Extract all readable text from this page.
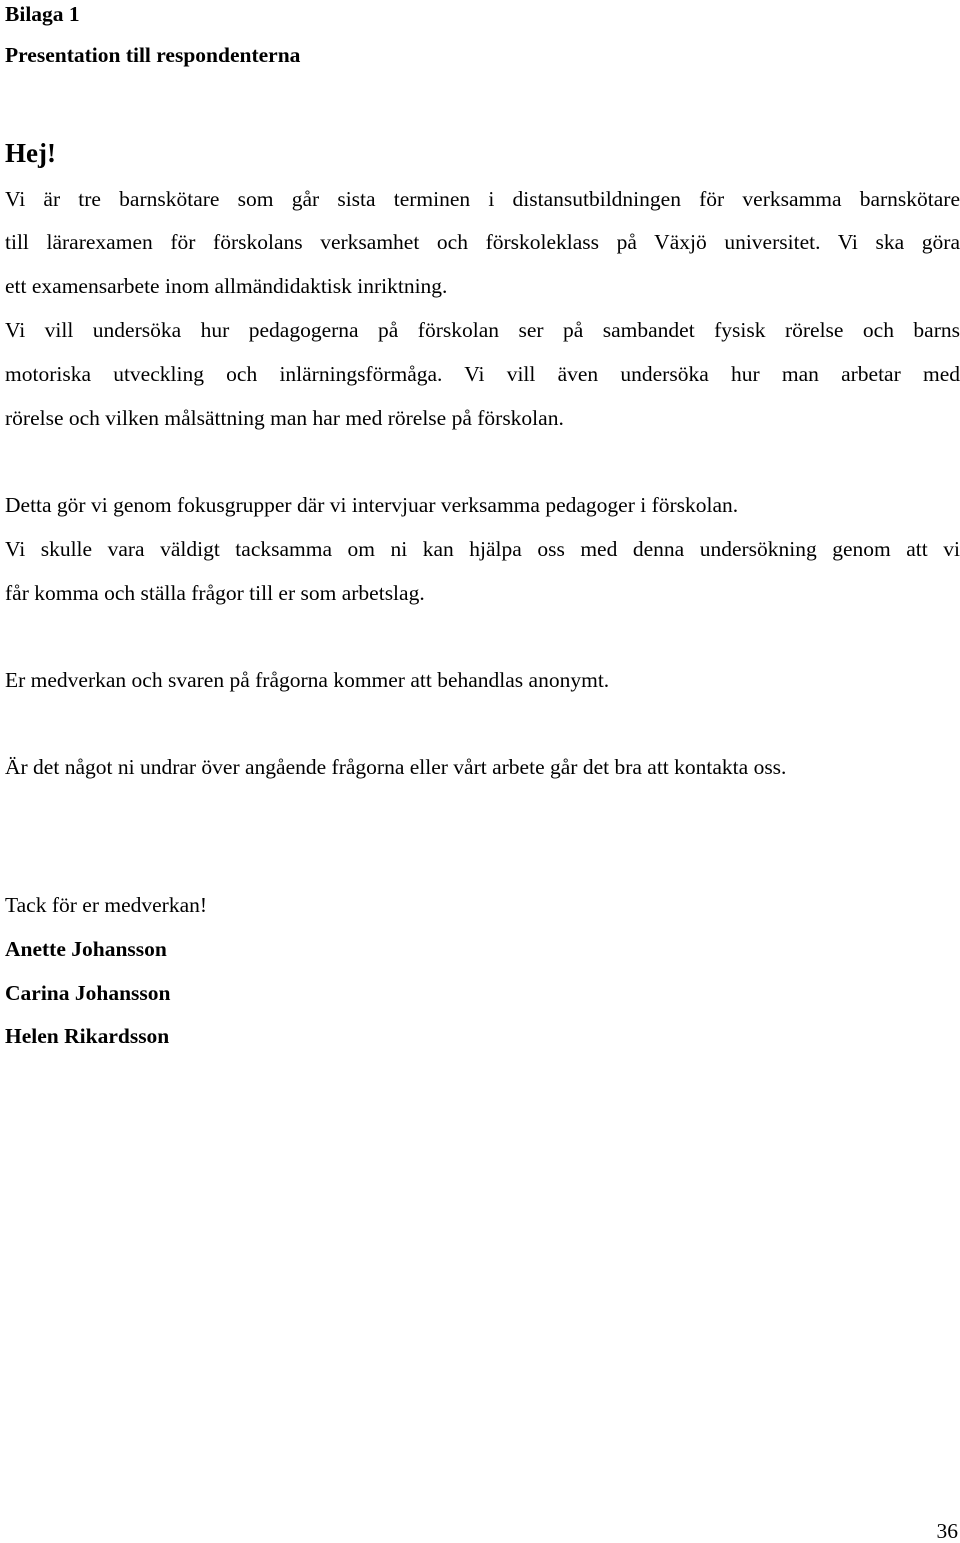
Bilaga 1

Presentation till respondenterna

Hej!

Vi är tre barnskötare som går sista terminen i distansutbildningen för verksamma barnskötare

till lärarexamen för förskolans verksamhet och förskoleklass på Växjö universitet. Vi ska göra

ett examensarbete inom allmändidaktisk inriktning.

Vi vill undersöka hur pedagogerna på förskolan ser på sambandet fysisk rörelse och barns

motoriska utveckling och inlärningsförmåga. Vi vill även undersöka hur man arbetar med

rörelse och vilken målsättning man har med rörelse på förskolan.

Detta gör vi genom fokusgrupper där vi intervjuar verksamma pedagoger i förskolan.

Vi skulle vara väldigt tacksamma om ni kan hjälpa oss med denna undersökning genom att vi

får komma och ställa frågor till er som arbetslag.

Er medverkan och svaren på frågorna kommer att behandlas anonymt.

Är det något ni undrar över angående frågorna eller vårt arbete går det bra att kontakta oss.

Tack för er medverkan!

Anette Johansson

Carina Johansson

Helen Rikardsson

36
